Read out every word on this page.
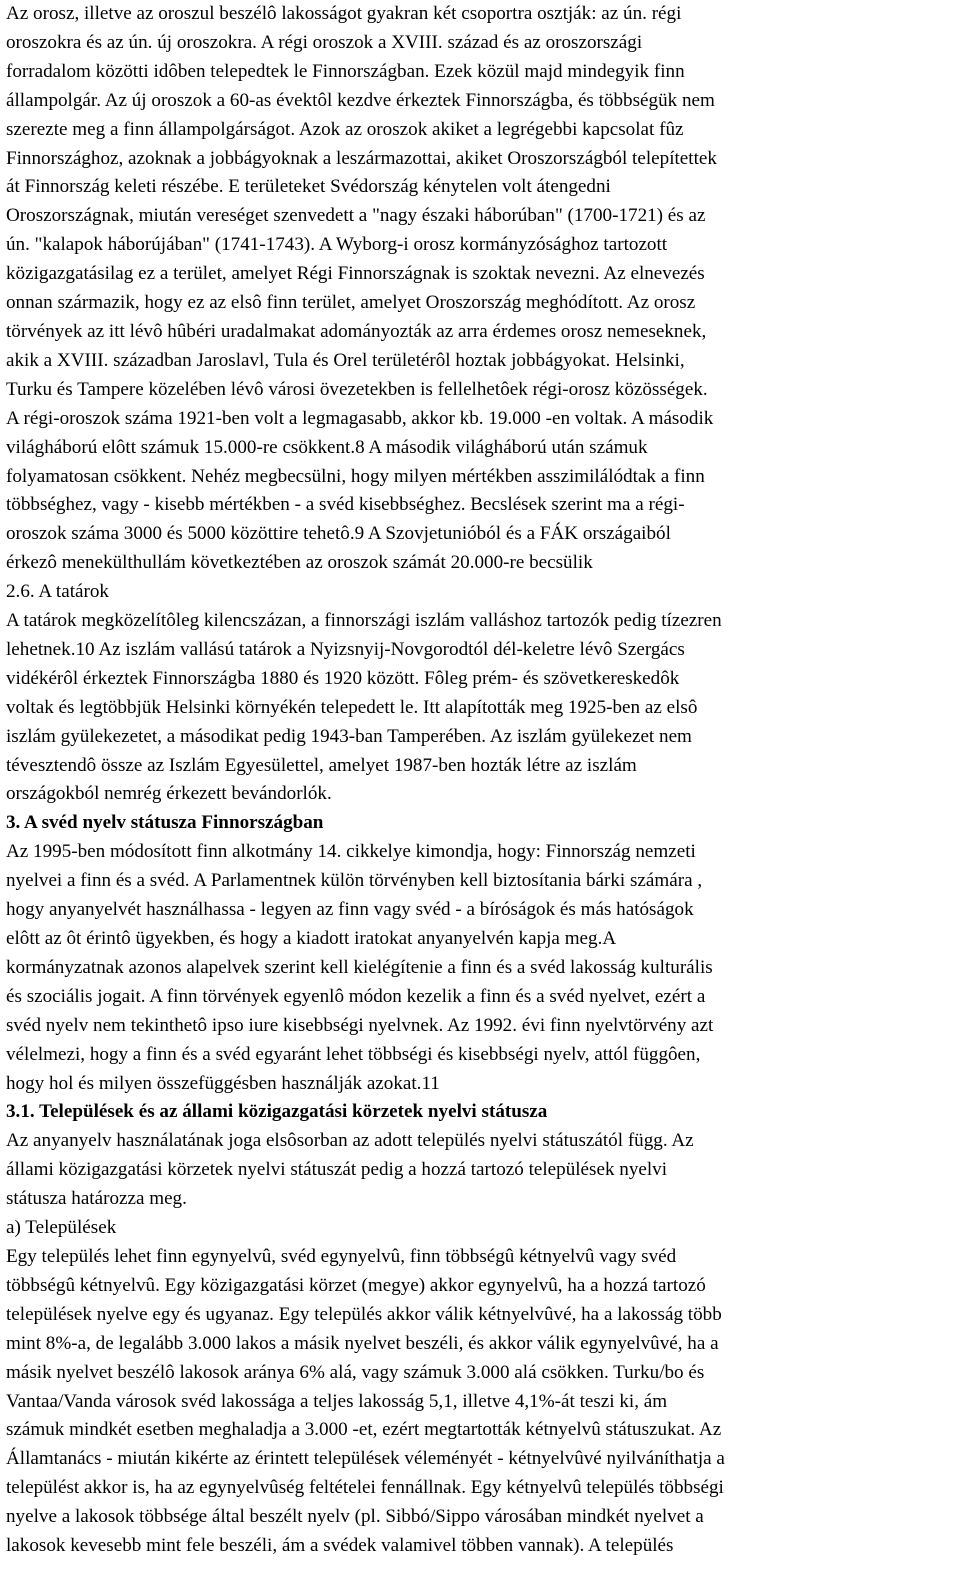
Az orosz, illetve az oroszul beszélô lakosságot gyakran két csoportra osztják: az ún. régioroszokra és az ún. új oroszokra. A régi oroszok a XVIII. század és az oroszországiforradalom közötti idôben telepedtek le Finnországban. Ezek közül majd mindegyik finnállampolgár. Az új oroszok a 60-as évektôl kezdve érkeztek Finnországba, és többségük nemszerezte meg a finn állampolgárságot. Azok az oroszok akiket a legrégebbi kapcsolat fûzFinnországhoz, azoknak a jobbágyoknak a leszármazottai, akiket Oroszországból telepítettekát Finnország keleti részébe. E területeket Svédország kénytelen volt átengedniOroszországnak, miután vereséget szenvedett a "nagy északi háborúban" (1700-1721) és azún. "kalapok háborújában" (1741-1743). A Wyborg-i orosz kormányzósághoz tartozottközigazgatásilag ez a terület, amelyet Régi Finnországnak is szoktak nevezni. Az elnevezésonnan származik, hogy ez az elsô finn terület, amelyet Oroszország meghódított. Az orosztörvények az itt lévô hûbéri uradalmakat adományozták az arra érdemes orosz nemeseknek,akik a XVIII. században Jaroslavl, Tula és Orel területérôl hoztak jobbágyokat. Helsinki,Turku és Tampere közelében lévô városi övezetekben is fellelhetôek régi-orosz közösségek.A régi-oroszok száma 1921-ben volt a legmagasabb, akkor kb. 19.000 -en voltak. A másodikvilágháború elôtt számuk 15.000-re csökkent.8 A második világháború után számukfolyamatosan csökkent. Nehéz megbecsülni, hogy milyen mértékben asszimilálódtak a finntöbbséghez, vagy - kisebb mértékben - a svéd kisebbséghez. Becslések szerint ma a régi-oroszok száma 3000 és 5000 közöttire tehetô.9 A Szovjetunióból és a FÁK országaibólérkezô menekülthullám következtében az oroszok számát 20.000-re becsülik2.6. A tatárokA tatárok megközelítôleg kilencszázan, a finnországi iszlám valláshoz tartozók pedig tízezrenlehetnek.10 Az iszlám vallású tatárok a Nyizsnyij-Novgorodtól dél-keletre lévô Szergácsvidékérôl érkeztek Finnországba 1880 és 1920 között. Fôleg prém- és szövetkereskedôkvoltak és legtöbbjük Helsinki környékén telepedett le. Itt alapították meg 1925-ben az elsôiszlám gyülekezetet, a másodikat pedig 1943-ban Tamperében. Az iszlám gyülekezet nemtévesztendô össze az Iszlám Egyesülettel, amelyet 1987-ben hozták létre az iszlámországokból nemrég érkezett bevándorlók.3. A svéd nyelv státusza FinnországbanAz 1995-ben módosított finn alkotmány 14. cikkelye kimondja, hogy: Finnország nemzetinyelvei a finn és a svéd. A Parlamentnek külön törvényben kell biztosítania bárki számára ,hogy anyanyelvét használhassa - legyen az finn vagy svéd - a bíróságok és más hatóságokelôtt az ôt érintô ügyekben, és hogy a kiadott iratokat anyanyelvén kapja meg.Akormányzatnak azonos alapelvek szerint kell kielégítenie a finn és a svéd lakosság kulturálisés szociális jogait. A finn törvények egyenlô módon kezelik a finn és a svéd nyelvet, ezért asvéd nyelv nem tekinthetô ipso iure kisebbségi nyelvnek. Az 1992. évi finn nyelvtörvény aztvélelmezi, hogy a finn és a svéd egyaránt lehet többségi és kisebbségi nyelv, attól függôen,hogy hol és milyen összefüggésben használják azokat.113.1. Települések és az állami közigazgatási körzetek nyelvi státuszaAz anyanyelv használatának joga elsôsorban az adott település nyelvi státuszától függ. Azállami közigazgatási körzetek nyelvi státuszát pedig a hozzá tartozó települések nyelvistátusza határozza meg.a) TelepülésekEgy település lehet finn egynyelvû, svéd egynyelvû, finn többségû kétnyelvû vagy svédtöbbségû kétnyelvû. Egy közigazgatási körzet (megye) akkor egynyelvû, ha a hozzá tartozótelepülések nyelve egy és ugyanaz. Egy település akkor válik kétnyelvûvé, ha a lakosság többmint 8%-a, de legalább 3.000 lakos a másik nyelvet beszéli, és akkor válik egynyelvûvé, ha amásik nyelvet beszélô lakosok aránya 6% alá, vagy számuk 3.000 alá csökken. Turku/bo ésVantaa/Vanda városok svéd lakossága a teljes lakosság 5,1, illetve 4,1%-át teszi ki, ámszámuk mindkét esetben meghaladja a 3.000 -et, ezért megtartották kétnyelvû státuszukat. AzÁllamtanács - miután kikérte az érintett települések véleményét - kétnyelvûvé nyilváníthatja atelepülést akkor is, ha az egynyelvûség feltételei fennállnak. Egy kétnyelvû település többséginyelve a lakosok többsége által beszélt nyelv (pl. Sibbó/Sippo városában mindkét nyelvet alakosok kevesebb mint fele beszéli, ám a svédek valamivel többen vannak). A település
